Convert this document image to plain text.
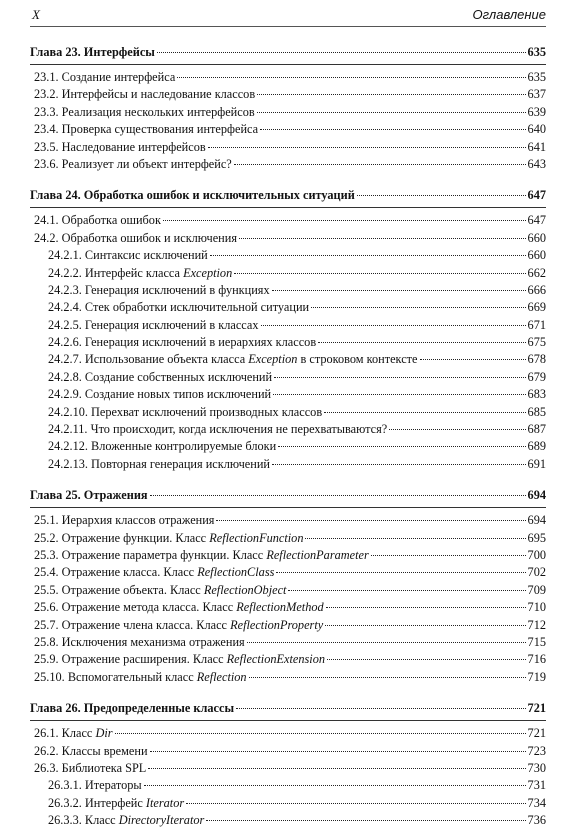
X	Оглавление
Глава 23. Интерфейсы	635
23.1. Создание интерфейса	635
23.2. Интерфейсы и наследование классов	637
23.3. Реализация нескольких интерфейсов	639
23.4. Проверка существования интерфейса	640
23.5. Наследование интерфейсов	641
23.6. Реализует ли объект интерфейс?	643
Глава 24. Обработка ошибок и исключительных ситуаций	647
24.1. Обработка ошибок	647
24.2. Обработка ошибок и исключения	660
24.2.1. Синтаксис исключений	660
24.2.2. Интерфейс класса Exception	662
24.2.3. Генерация исключений в функциях	666
24.2.4. Стек обработки исключительной ситуации	669
24.2.5. Генерация исключений в классах	671
24.2.6. Генерация исключений в иерархиях классов	675
24.2.7. Использование объекта класса Exception в строковом контексте	678
24.2.8. Создание собственных исключений	679
24.2.9. Создание новых типов исключений	683
24.2.10. Перехват исключений производных классов	685
24.2.11. Что происходит, когда исключения не перехватываются?	687
24.2.12. Вложенные контролируемые блоки	689
24.2.13. Повторная генерация исключений	691
Глава 25. Отражения	694
25.1. Иерархия классов отражения	694
25.2. Отражение функции. Класс ReflectionFunction	695
25.3. Отражение параметра функции. Класс ReflectionParameter	700
25.4. Отражение класса. Класс ReflectionClass	702
25.5. Отражение объекта. Класс ReflectionObject	709
25.6. Отражение метода класса. Класс ReflectionMethod	710
25.7. Отражение члена класса. Класс ReflectionProperty	712
25.8. Исключения механизма отражения	715
25.9. Отражение расширения. Класс ReflectionExtension	716
25.10. Вспомогательный класс Reflection	719
Глава 26. Предопределенные классы	721
26.1. Класс Dir	721
26.2. Классы времени	723
26.3. Библиотека SPL	730
26.3.1. Итераторы	731
26.3.2. Интерфейс Iterator	734
26.3.3. Класс DirectoryIterator	736
